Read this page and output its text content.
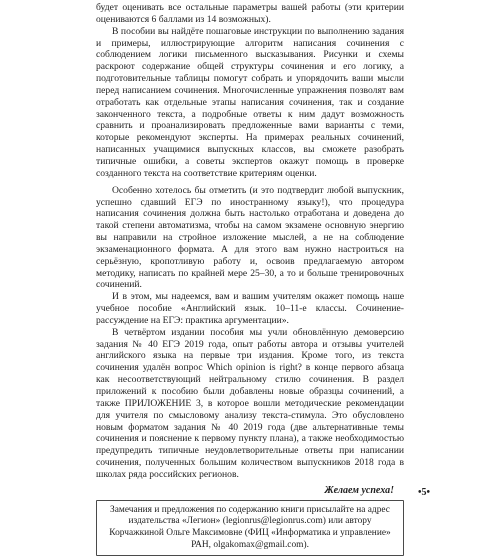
будет оценивать все остальные параметры вашей работы (эти критерии оцениваются 6 баллами из 14 возможных).

В пособии вы найдёте пошаговые инструкции по выполнению задания и примеры, иллюстрирующие алгоритм написания сочинения с соблюдением логики письменного высказывания. Рисунки и схемы раскроют содержание общей структуры сочинения и его логику, а подготовительные таблицы помогут собрать и упорядочить ваши мысли перед написанием сочинения. Многочисленные упражнения позволят вам отработать как отдельные этапы написания сочинения, так и создание законченного текста, а подробные ответы к ним дадут возможность сравнить и проанализировать предложенные вами варианты с теми, которые рекомендуют эксперты. На примерах реальных сочинений, написанных учащимися выпускных классов, вы сможете разобрать типичные ошибки, а советы экспертов окажут помощь в проверке созданного текста на соответствие критериям оценки.

Особенно хотелось бы отметить (и это подтвердит любой выпускник, успешно сдавший ЕГЭ по иностранному языку!), что процедура написания сочинения должна быть настолько отработана и доведена до такой степени автоматизма, чтобы на самом экзамене основную энергию вы направили на стройное изложение мыслей, а не на соблюдение экзаменационного формата. А для этого вам нужно настроиться на серьёзную, кропотливую работу и, освоив предлагаемую автором методику, написать по крайней мере 25–30, а то и больше тренировочных сочинений.

И в этом, мы надеемся, вам и вашим учителям окажет помощь наше учебное пособие «Английский язык. 10–11-е классы. Сочинение-рассуждение на ЕГЭ: практика аргументации».

В четвёртом издании пособия мы учли обновлённую демоверсию задания № 40 ЕГЭ 2019 года, опыт работы автора и отзывы учителей английского языка на первые три издания. Кроме того, из текста сочинения удалён вопрос Which opinion is right? в конце первого абзаца как несоответствующий нейтральному стилю сочинения. В раздел приложений к пособию были добавлены новые образцы сочинений, а также ПРИЛОЖЕНИЕ 3, в которое вошли методические рекомендации для учителя по смысловому анализу текста-стимула. Это обусловлено новым форматом задания № 40 2019 года (две альтернативные темы сочинения и пояснение к первому пункту плана), а также необходимостью предупредить типичные неудовлетворительные ответы при написании сочинения, полученных большим количеством выпускников 2018 года в школах ряда российских регионов.

Желаем успеха!
Замечания и предложения по содержанию книги присылайте на адрес издательства «Легион» (legionrus@legionrus.com) или автору Корчажкиной Ольге Максимовне (ФИЦ «Информатика и управление» РАН, olgakomax@gmail.com).
•5•
